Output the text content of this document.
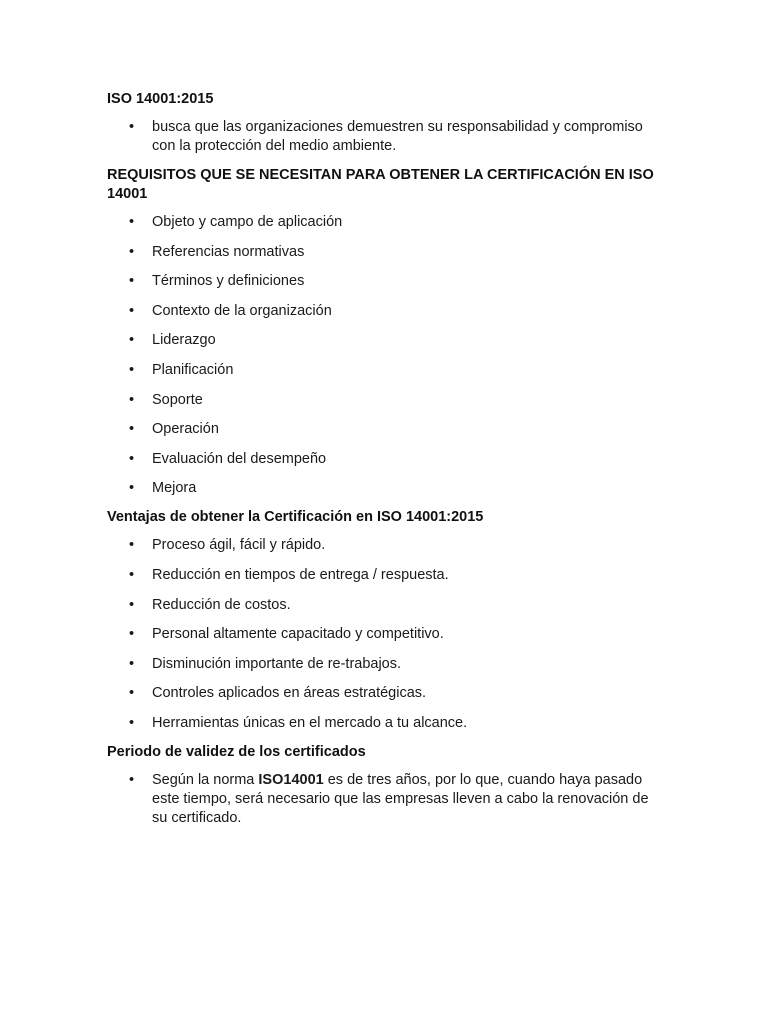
ISO 14001:2015

• busca que las organizaciones demuestren su responsabilidad y compromiso con la protección del medio ambiente.

REQUISITOS QUE SE NECESITAN PARA OBTENER LA CERTIFICACIÓN EN ISO 14001

• Objeto y campo de aplicación
• Referencias normativas
• Términos y definiciones
• Contexto de la organización
• Liderazgo
• Planificación
• Soporte
• Operación
• Evaluación del desempeño
• Mejora

Ventajas de obtener la Certificación en ISO 14001:2015

• Proceso ágil, fácil y rápido.
• Reducción en tiempos de entrega / respuesta.
• Reducción de costos.
• Personal altamente capacitado y competitivo.
• Disminución importante de re-trabajos.
• Controles aplicados en áreas estratégicas.
• Herramientas únicas en el mercado a tu alcance.

Periodo de validez de los certificados

• Según la norma ISO14001 es de tres años, por lo que, cuando haya pasado este tiempo, será necesario que las empresas lleven a cabo la renovación de su certificado.
